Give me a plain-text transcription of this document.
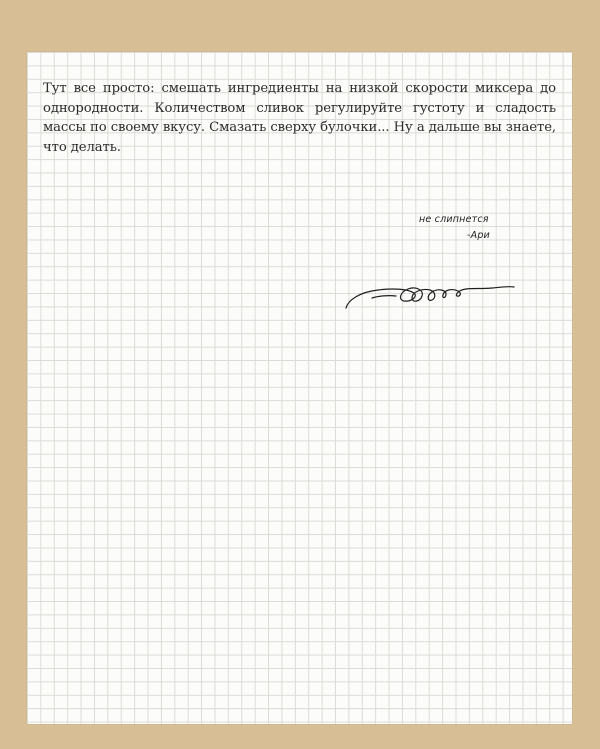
Тут все просто: смешать ингредиенты на низкой скорости миксера до однородности. Количеством сливок регулируйте густоту и сладость массы по своему вкусу. Смазать сверху булочки... Ну а дальше вы знаете, что делать.

не слипнется
-Ари
